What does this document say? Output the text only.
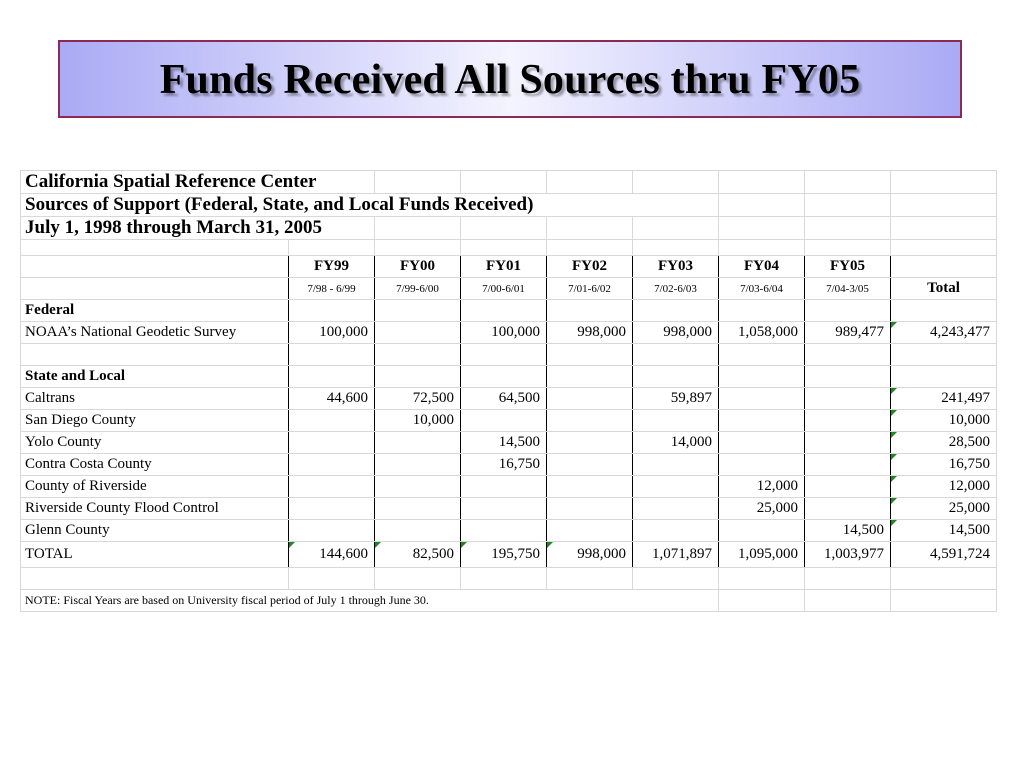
Funds Received All Sources thru FY05
California Spatial Reference Center								
Sources of Support (Federal, State, and Local Funds Received)								
July 1, 1998 through March 31, 2005								

	FY99	FY00	FY01	FY02	FY03	FY04	FY05	
	7/98 - 6/99	7/99-6/00	7/00-6/01	7/01-6/02	7/02-6/03	7/03-6/04	7/04-3/05	Total
Federal								
NOAA’s National Geodetic Survey	100,000		100,000	998,000	998,000	1,058,000	989,477	4,243,477

State and Local								
Caltrans	44,600	72,500	64,500		59,897			241,497
San Diego County		10,000						10,000
Yolo County			14,500		14,000			28,500
Contra Costa County			16,750					16,750
County of Riverside						12,000		12,000
Riverside County Flood Control						25,000		25,000
Glenn County							14,500	14,500
TOTAL	144,600	82,500	195,750	998,000	1,071,897	1,095,000	1,003,977	4,591,724

NOTE: Fiscal Years are based on University fiscal period of July 1 through June 30.								
